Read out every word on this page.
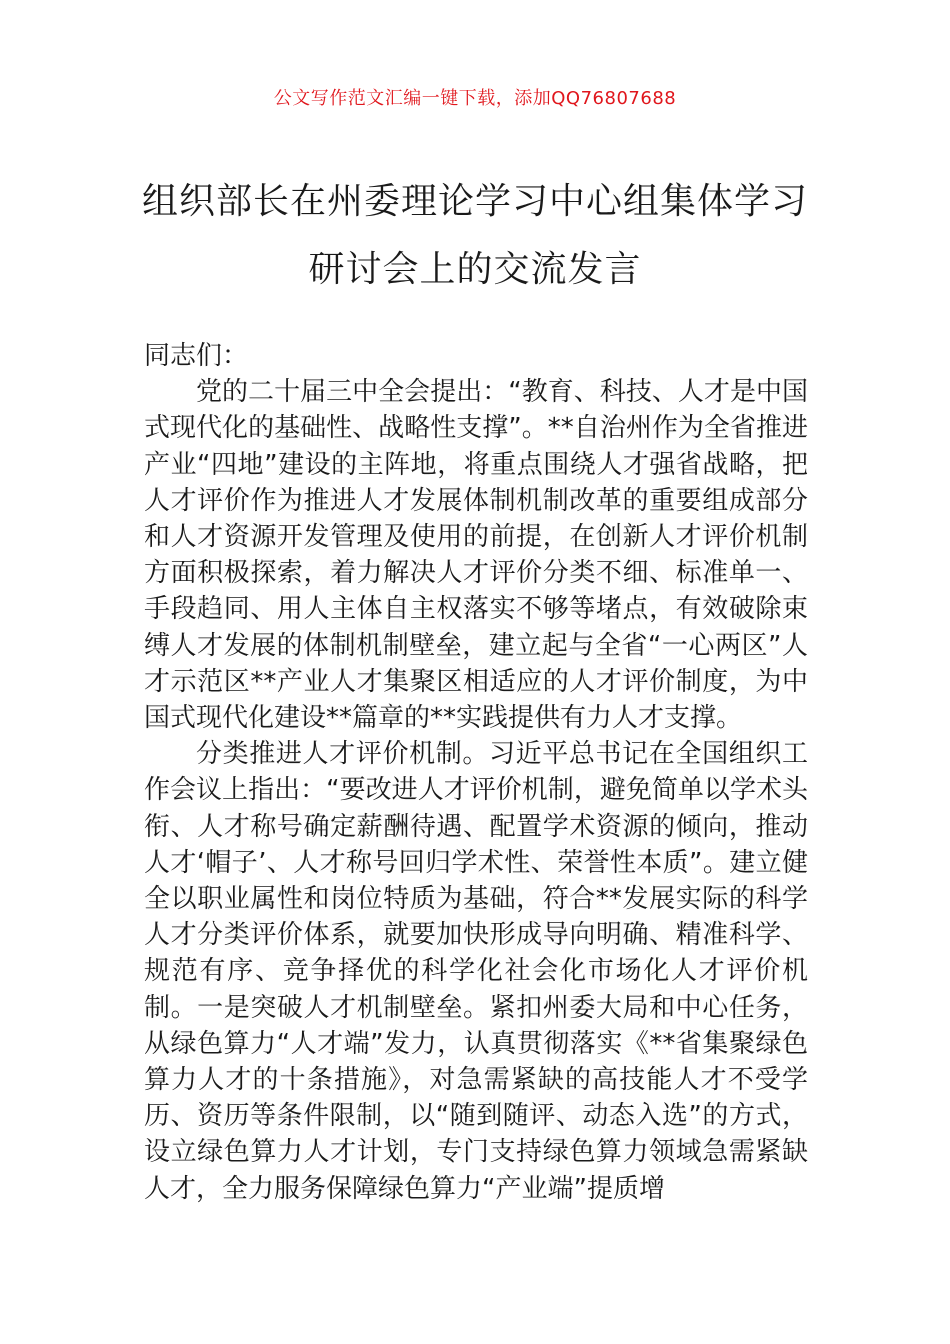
公文写作范文汇编一键下载，添加QQ76807688
组织部长在州委理论学习中心组集体学习
研讨会上的交流发言

同志们：

党的二十届三中全会提出：“教育、科技、人才是中国式现代化的基础性、战略性支撑”。**自治州作为全省推进产业“四地”建设的主阵地，将重点围绕人才强省战略，把人才评价作为推进人才发展体制机制改革的重要组成部分和人才资源开发管理及使用的前提，在创新人才评价机制方面积极探索，着力解决人才评价分类不细、标准单一、手段趋同、用人主体自主权落实不够等堵点，有效破除束缚人才发展的体制机制壁垒，建立起与全省“一心两区”人才示范区**产业人才集聚区相适应的人才评价制度，为中国式现代化建设**篇章的**实践提供有力人才支撑。

分类推进人才评价机制。习近平总书记在全国组织工作会议上指出：“要改进人才评价机制，避免简单以学术头衔、人才称号确定薪酬待遇、配置学术资源的倾向，推动人才‘帽子’、人才称号回归学术性、荣誉性本质”。建立健全以职业属性和岗位特质为基础，符合**发展实际的科学人才分类评价体系，就要加快形成导向明确、精准科学、规范有序、竞争择优的科学化社会化市场化人才评价机制。一是突破人才机制壁垒。紧扣州委大局和中心任务，从绿色算力“人才端”发力，认真贯彻落实《**省集聚绿色算力人才的十条措施》，对急需紧缺的高技能人才不受学历、资历等条件限制，以“随到随评、动态入选”的方式，设立绿色算力人才计划，专门支持绿色算力领域急需紧缺人才，全力服务保障绿色算力“产业端”提质增
